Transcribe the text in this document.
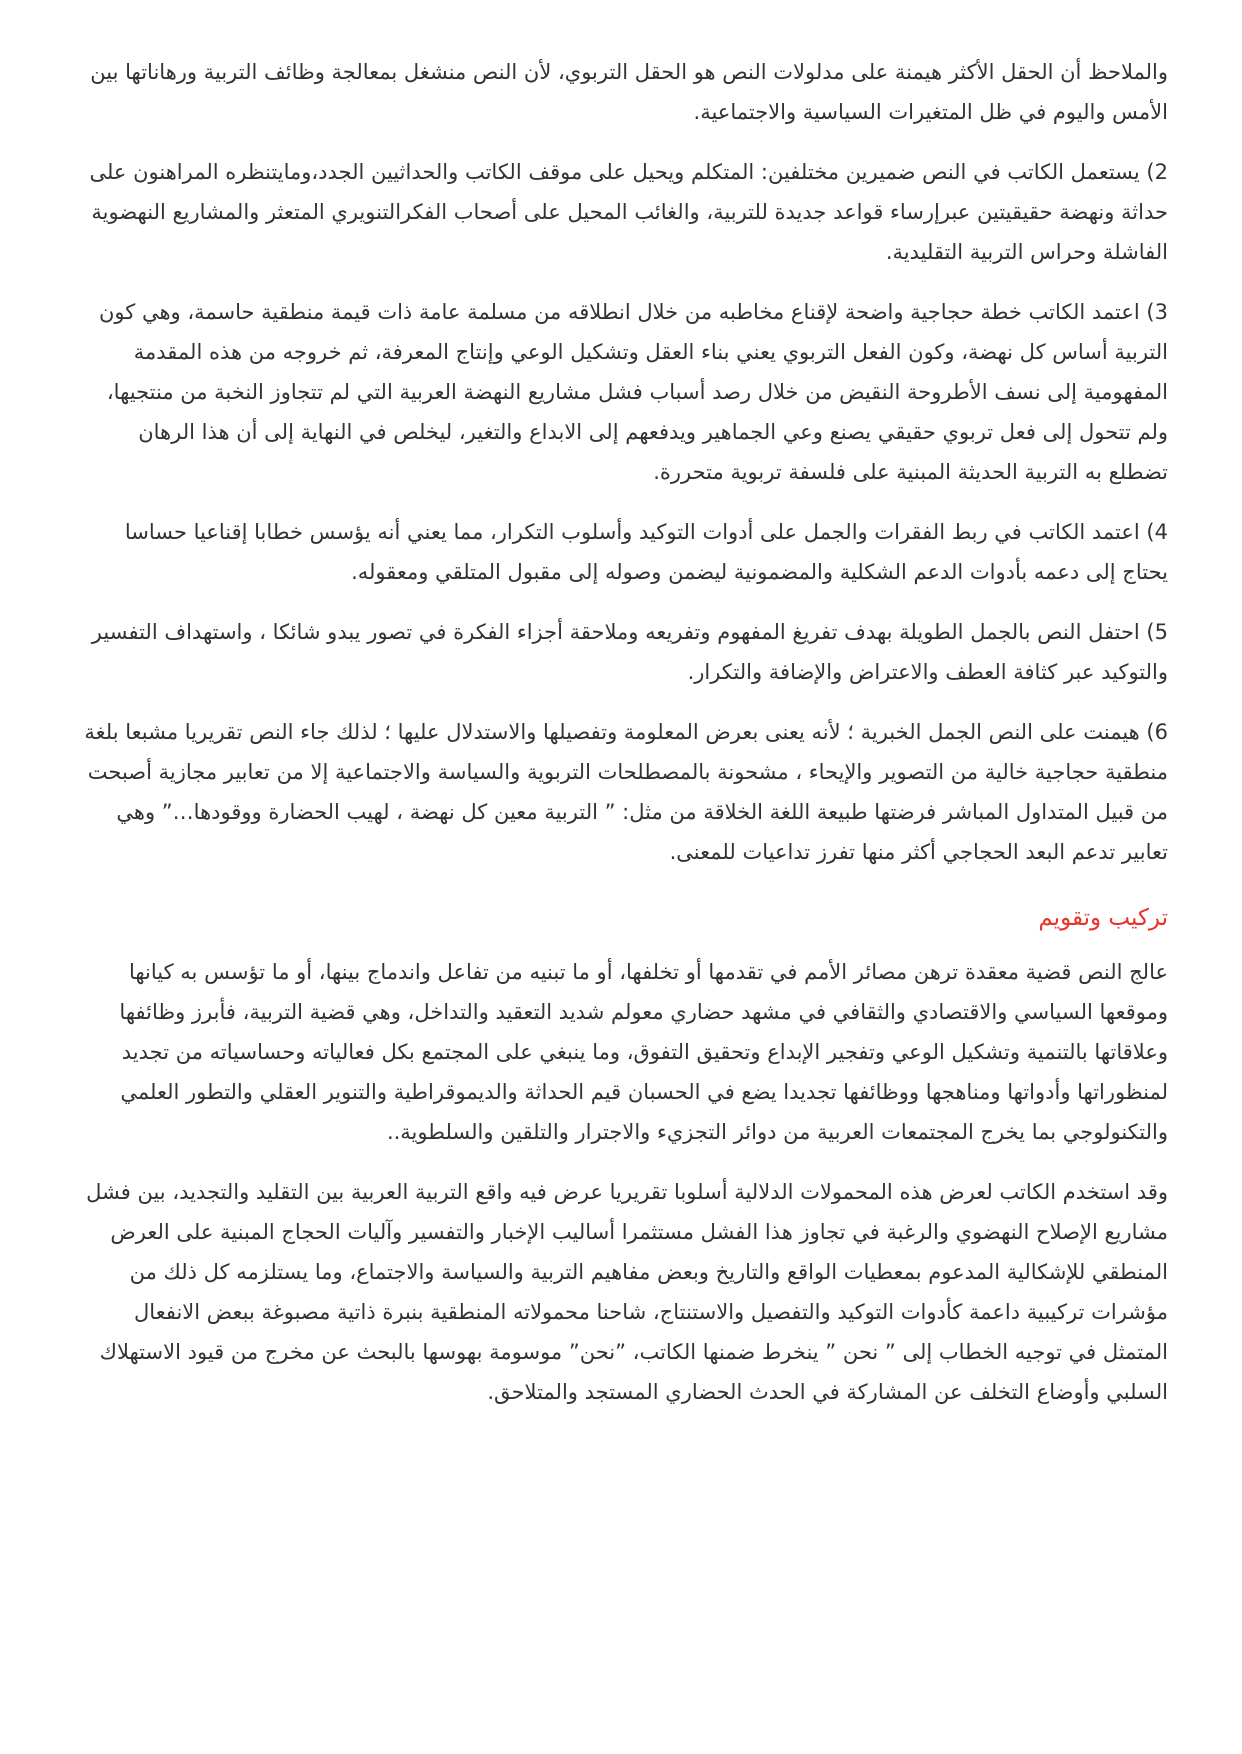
والملاحظ أن الحقل الأكثر هيمنة على مدلولات النص هو الحقل التربوي، لأن النص منشغل بمعالجة وظائف التربية ورهاناتها بين الأمس واليوم في ظل المتغيرات السياسية والاجتماعية.

2) يستعمل الكاتب في النص ضميرين مختلفين: المتكلم ويحيل على موقف الكاتب والحداثيين الجدد،ومايتنظره المراهنون على حداثة ونهضة حقيقيتين عبرإرساء قواعد جديدة للتربية، والغائب المحيل على أصحاب الفكرالتنويري المتعثر والمشاريع النهضوية الفاشلة وحراس التربية التقليدية.

3) اعتمد الكاتب خطة حجاجية واضحة لإقناع مخاطبه من خلال انطلاقه من مسلمة عامة ذات قيمة منطقية حاسمة، وهي كون التربية أساس كل نهضة، وكون الفعل التربوي يعني بناء العقل وتشكيل الوعي وإنتاج المعرفة، ثم خروجه من هذه المقدمة المفهومية إلى نسف الأطروحة النقيض من خلال رصد أسباب فشل مشاريع النهضة العربية التي لم تتجاوز النخبة من منتجيها، ولم تتحول إلى فعل تربوي حقيقي يصنع وعي الجماهير ويدفعهم إلى الابداع والتغير، ليخلص في النهاية إلى أن هذا الرهان تضطلع به التربية الحديثة المبنية على فلسفة تربوية متحررة.

4) اعتمد الكاتب في ربط الفقرات والجمل على أدوات التوكيد وأسلوب التكرار، مما يعني أنه يؤسس خطابا إقناعيا حساسا يحتاج إلى دعمه بأدوات الدعم الشكلية والمضمونية ليضمن وصوله إلى مقبول المتلقي ومعقوله.

5) احتفل النص بالجمل الطويلة بهدف تفريغ المفهوم وتفريعه وملاحقة أجزاء الفكرة في تصور يبدو شائكا ، واستهداف التفسير والتوكيد عبر كثافة العطف والاعتراض والإضافة والتكرار.

6) هيمنت على النص الجمل الخبرية ؛ لأنه يعنى بعرض المعلومة وتفصيلها والاستدلال عليها ؛ لذلك جاء النص تقريريا مشبعا بلغة منطقية حجاجية خالية من التصوير والإيحاء ، مشحونة بالمصطلحات التربوية والسياسة والاجتماعية إلا من تعابير مجازية أصبحت من قبيل المتداول المباشر فرضتها طبيعة اللغة الخلاقة من مثل: ” التربية معين كل نهضة ، لهيب الحضارة ووقودها…” وهي تعابير تدعم البعد الحجاجي أكثر منها تفرز تداعيات للمعنى.

تركيب وتقويم

عالج النص قضية معقدة ترهن مصائر الأمم في تقدمها أو تخلفها، أو ما تبنيه من تفاعل واندماج بينها، أو ما تؤسس به كيانها وموقعها السياسي والاقتصادي والثقافي في مشهد حضاري معولم شديد التعقيد والتداخل، وهي قضية التربية، فأبرز وظائفها وعلاقاتها بالتنمية وتشكيل الوعي وتفجير الإبداع وتحقيق التفوق، وما ينبغي على المجتمع بكل فعالياته وحساسياته من تجديد لمنظوراتها وأدواتها ومناهجها ووظائفها تجديدا يضع في الحسبان قيم الحداثة والديموقراطية والتنوير العقلي والتطور العلمي والتكنولوجي بما يخرج المجتمعات العربية من دوائر التجزيء والاجترار والتلقين والسلطوية..

وقد استخدم الكاتب لعرض هذه المحمولات الدلالية أسلوبا تقريريا عرض فيه واقع التربية العربية بين التقليد والتجديد، بين فشل مشاريع الإصلاح النهضوي والرغبة في تجاوز هذا الفشل مستثمرا أساليب الإخبار والتفسير وآليات الحجاج المبنية على العرض المنطقي للإشكالية المدعوم بمعطيات الواقع والتاريخ وبعض مفاهيم التربية والسياسة والاجتماع، وما يستلزمه كل ذلك من مؤشرات تركيبية داعمة كأدوات التوكيد والتفصيل والاستنتاج، شاحنا محمولاته المنطقية بنبرة ذاتية مصبوغة ببعض الانفعال المتمثل في توجيه الخطاب إلى ” نحن ” ينخرط ضمنها الكاتب، ”نحن” موسومة بهوسها بالبحث عن مخرج من قيود الاستهلاك السلبي وأوضاع التخلف عن المشاركة في الحدث الحضاري المستجد والمتلاحق.
